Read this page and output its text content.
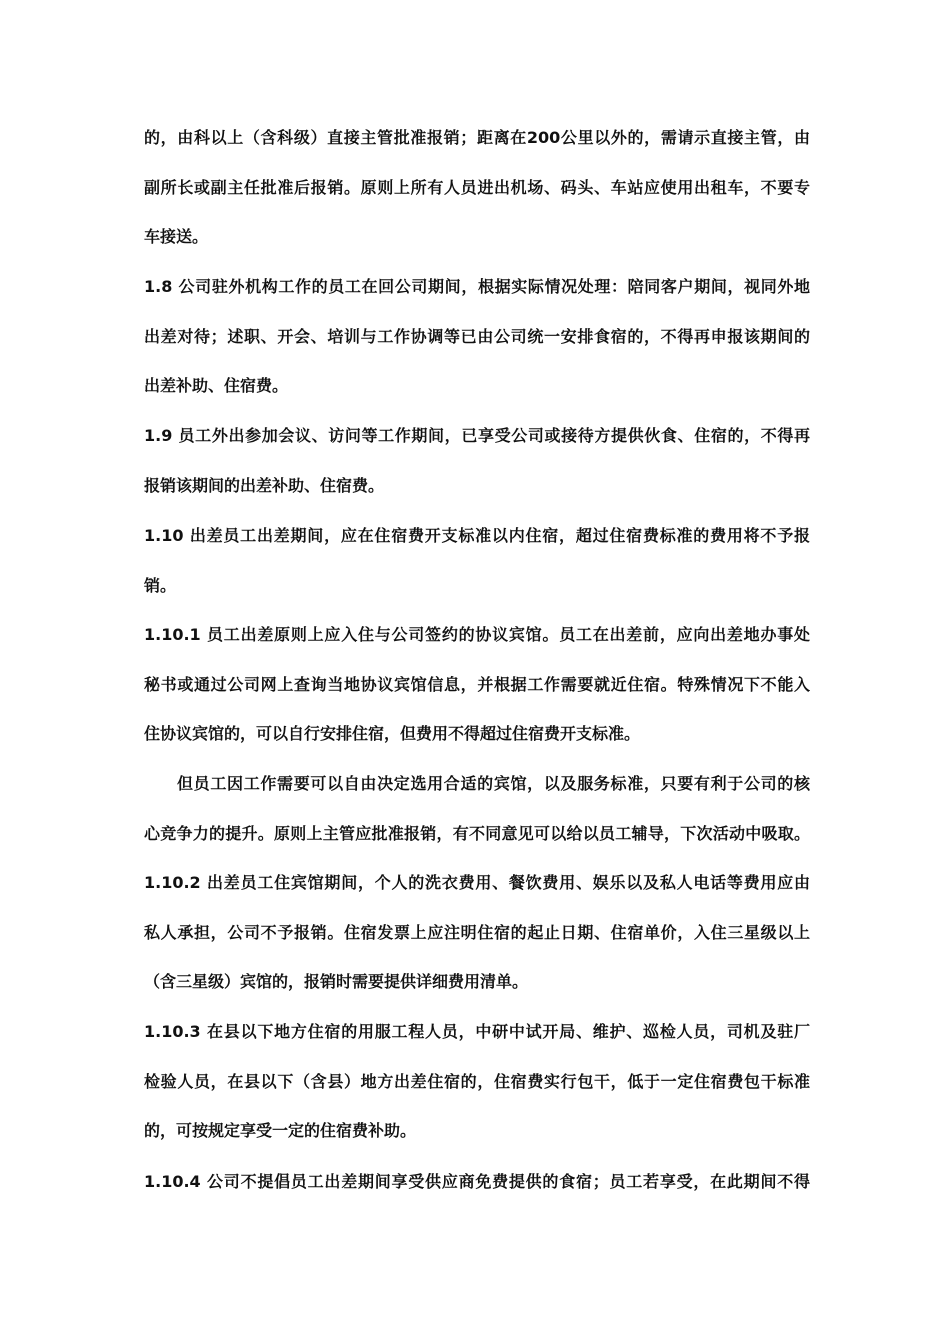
的，由科以上（含科级）直接主管批准报销；距离在200公里以外的，需请示直接主管，由
副所长或副主任批准后报销。原则上所有人员进出机场、码头、车站应使用出租车，不要专
车接送。
1.8 公司驻外机构工作的员工在回公司期间，根据实际情况处理：陪同客户期间，视同外地
出差对待；述职、开会、培训与工作协调等已由公司统一安排食宿的，不得再申报该期间的
出差补助、住宿费。
1.9 员工外出参加会议、访问等工作期间，已享受公司或接待方提供伙食、住宿的，不得再
报销该期间的出差补助、住宿费。
1.10 出差员工出差期间，应在住宿费开支标准以内住宿，超过住宿费标准的费用将不予报
销。
1.10.1 员工出差原则上应入住与公司签约的协议宾馆。员工在出差前，应向出差地办事处
秘书或通过公司网上查询当地协议宾馆信息，并根据工作需要就近住宿。特殊情况下不能入
住协议宾馆的，可以自行安排住宿，但费用不得超过住宿费开支标准。
但员工因工作需要可以自由决定选用合适的宾馆，以及服务标准，只要有利于公司的核
心竞争力的提升。原则上主管应批准报销，有不同意见可以给以员工辅导，下次活动中吸取。
1.10.2 出差员工住宾馆期间，个人的洗衣费用、餐饮费用、娱乐以及私人电话等费用应由
私人承担，公司不予报销。住宿发票上应注明住宿的起止日期、住宿单价，入住三星级以上
（含三星级）宾馆的，报销时需要提供详细费用清单。
1.10.3 在县以下地方住宿的用服工程人员，中研中试开局、维护、巡检人员，司机及驻厂
检验人员，在县以下（含县）地方出差住宿的，住宿费实行包干，低于一定住宿费包干标准
的，可按规定享受一定的住宿费补助。
1.10.4 公司不提倡员工出差期间享受供应商免费提供的食宿；员工若享受，在此期间不得
